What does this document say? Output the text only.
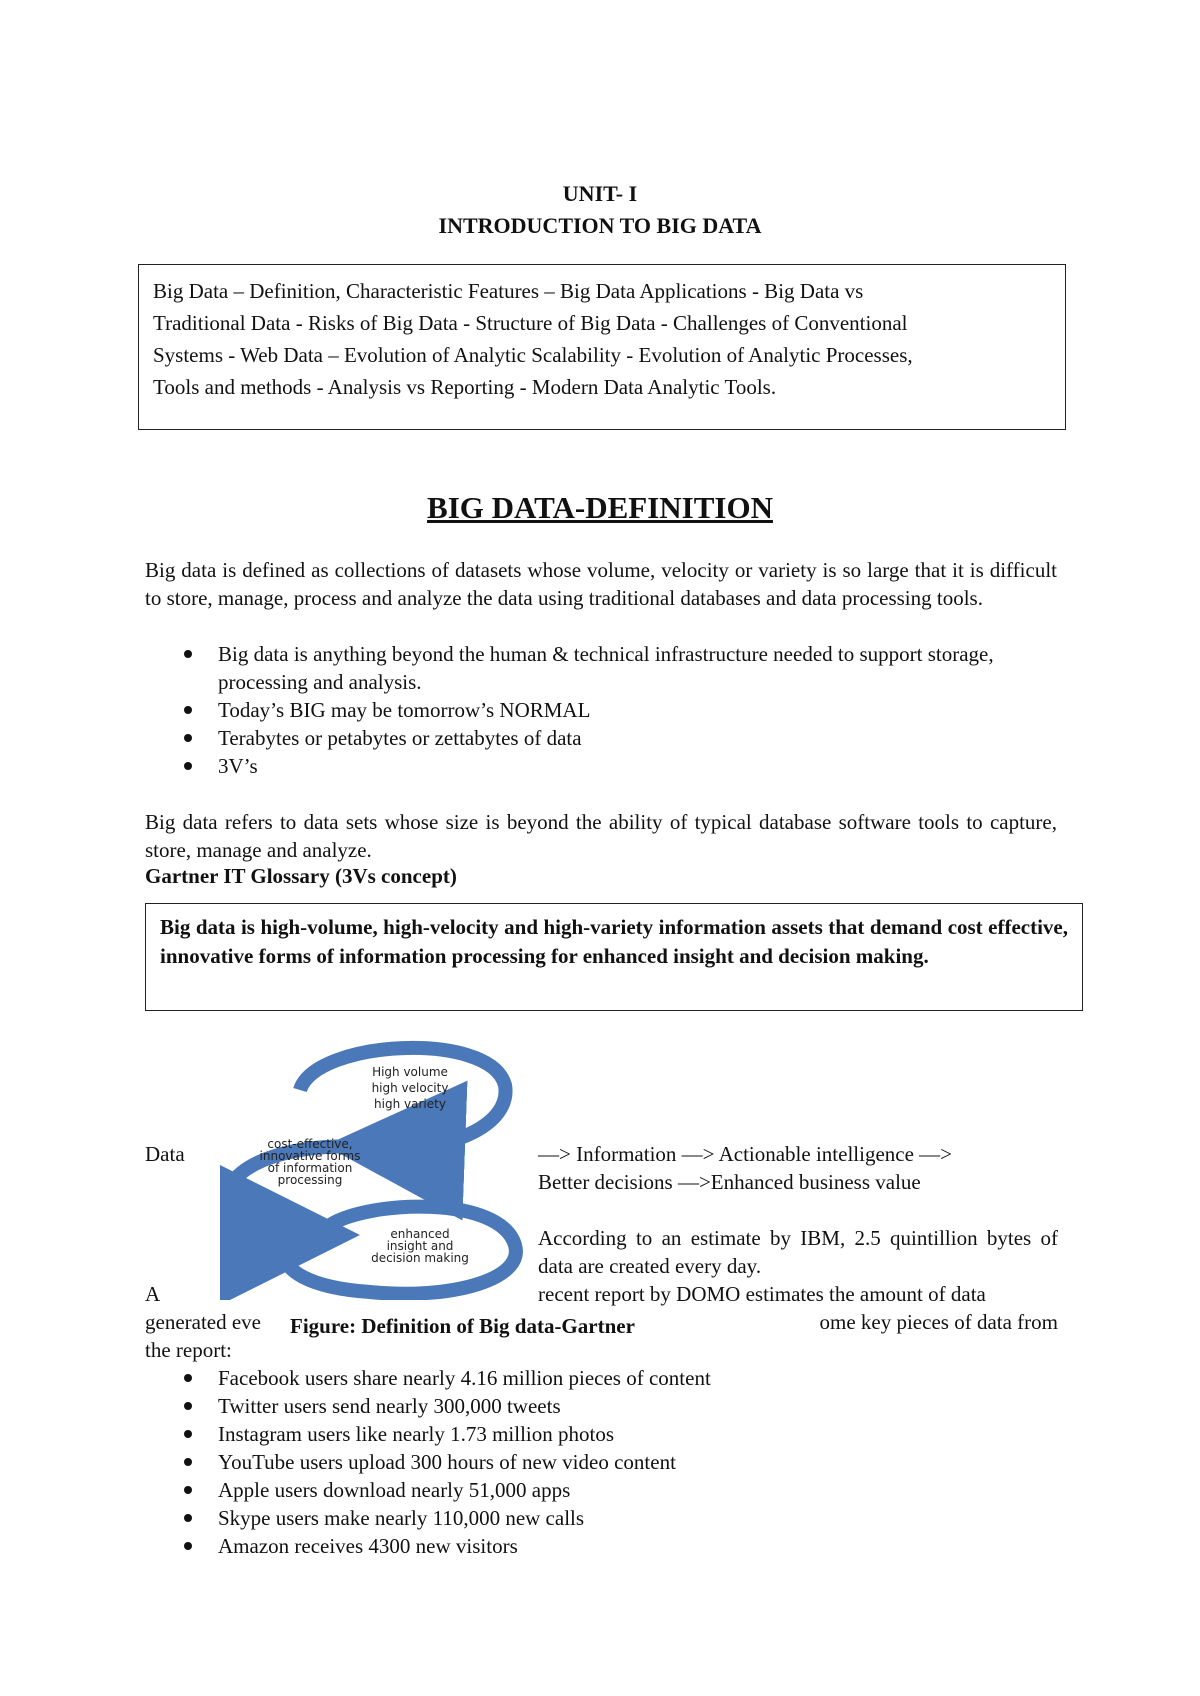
UNIT- I
INTRODUCTION TO BIG DATA
Big Data – Definition, Characteristic Features – Big Data Applications - Big Data vs
Traditional Data - Risks of Big Data - Structure of Big Data - Challenges of Conventional
Systems - Web Data – Evolution of Analytic Scalability - Evolution of Analytic Processes,
Tools and methods - Analysis vs Reporting - Modern Data Analytic Tools.
BIG DATA-DEFINITION
Big data is defined as collections of datasets whose volume, velocity or variety is so large that it is difficult to store, manage, process and analyze the data using traditional databases and data processing tools.
Big data is anything beyond the human & technical infrastructure needed to support storage, processing and analysis.
Today’s BIG may be tomorrow’s NORMAL
Terabytes or petabytes or zettabytes of data
3V’s
Big data refers to data sets whose size is beyond the ability of typical database software tools to capture, store, manage and analyze.
Gartner IT Glossary (3Vs concept)
Big data is high-volume, high-velocity and high-variety information assets that demand cost effective, innovative forms of information processing for enhanced insight and decision making.
High volume
high velocity
high variety
cost-effective,
innovative forms
of information
processing
enhanced
insight and
decision making
Data	—> Information —> Actionable intelligence —>
Better decisions —>Enhanced business value
According to an estimate by IBM, 2.5 quintillion bytes of data are created every day.
A	recent report by DOMO estimates the amount of data
generated eve	ome key pieces of data from
Figure: Definition of Big data-Gartner
the report:
Facebook users share nearly 4.16 million pieces of content
Twitter users send nearly 300,000 tweets
Instagram users like nearly 1.73 million photos
YouTube users upload 300 hours of new video content
Apple users download nearly 51,000 apps
Skype users make nearly 110,000 new calls
Amazon receives 4300 new visitors
